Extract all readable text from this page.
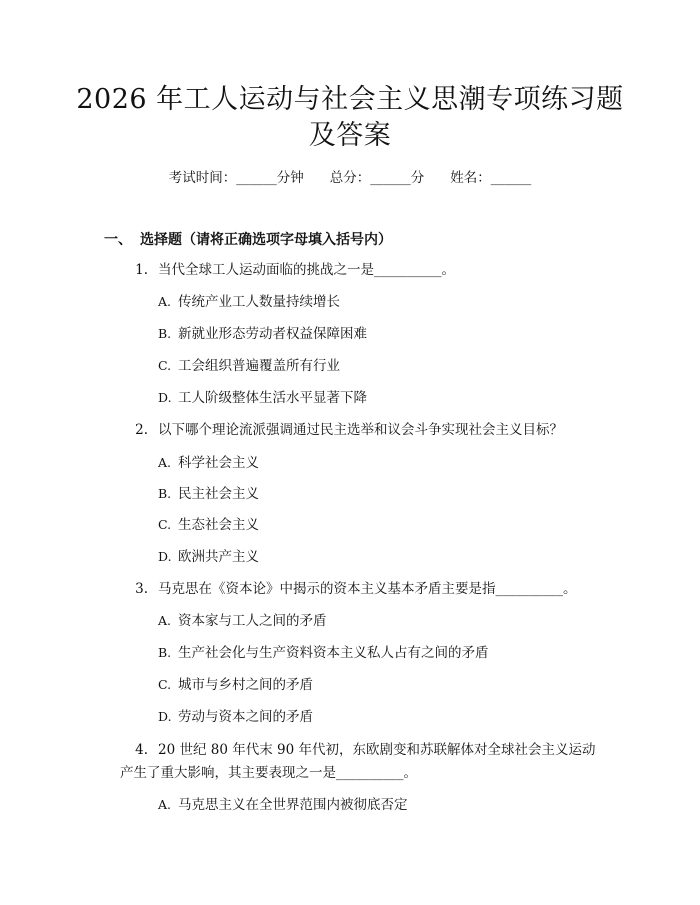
2026 年工人运动与社会主义思潮专项练习题
及答案
考试时间：______分钟 总分：______分 姓名：______
一、 选择题（请将正确选项字母填入括号内）
1. 当代全球工人运动面临的挑战之一是__________。
A. 传统产业工人数量持续增长
B. 新就业形态劳动者权益保障困难
C. 工会组织普遍覆盖所有行业
D. 工人阶级整体生活水平显著下降
2. 以下哪个理论流派强调通过民主选举和议会斗争实现社会主义目标？
A. 科学社会主义
B. 民主社会主义
C. 生态社会主义
D. 欧洲共产主义
3. 马克思在《资本论》中揭示的资本主义基本矛盾主要是指__________。
A. 资本家与工人之间的矛盾
B. 生产社会化与生产资料资本主义私人占有之间的矛盾
C. 城市与乡村之间的矛盾
D. 劳动与资本之间的矛盾
4. 20 世纪 80 年代末 90 年代初，东欧剧变和苏联解体对全球社会主义运动
产生了重大影响，其主要表现之一是__________。
A. 马克思主义在全世界范围内被彻底否定
